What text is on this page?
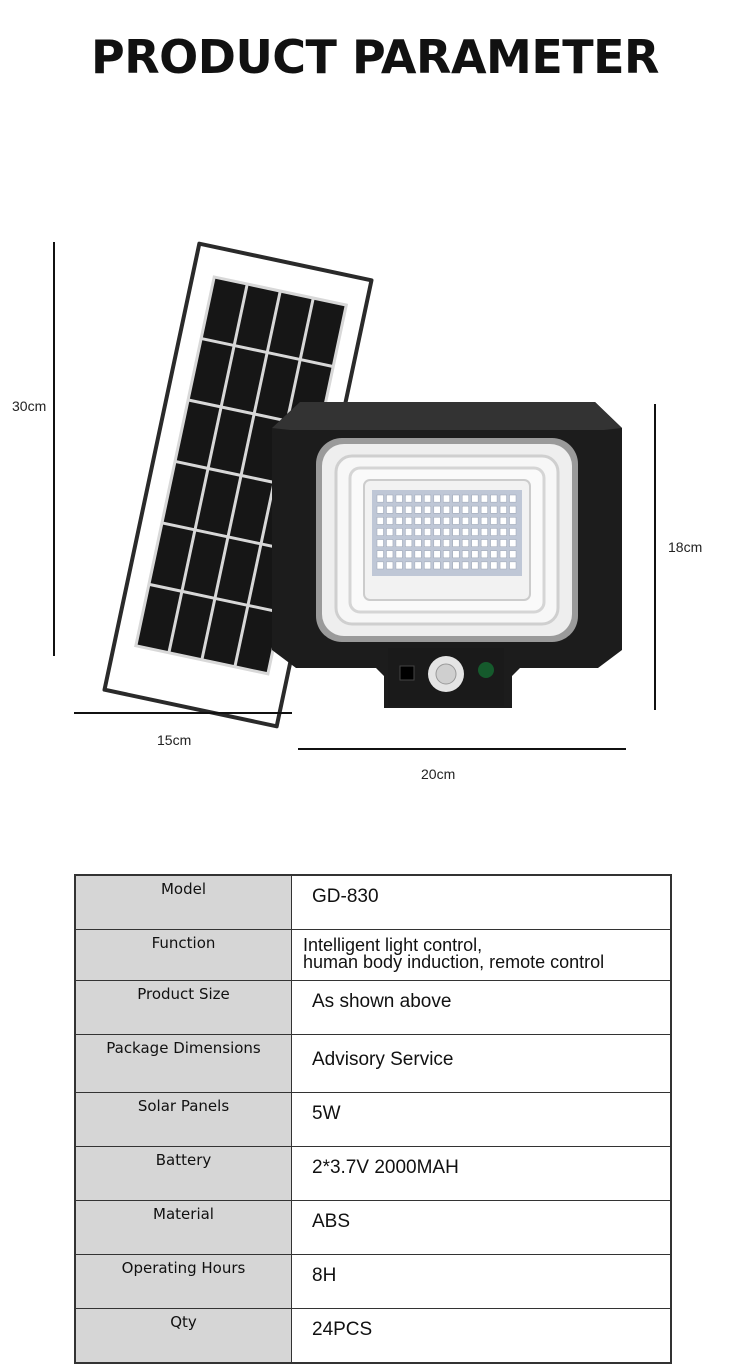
PRODUCT PARAMETER
30cm
15cm
18cm
20cm
Model	GD-830
Function	Intelligent light control,
human body induction, remote control

Product Size	As shown above
Package Dimensions	Advisory Service
Solar Panels	5W
Battery	2*3.7V 2000MAH
Material	ABS
Operating Hours	8H
Qty	24PCS
